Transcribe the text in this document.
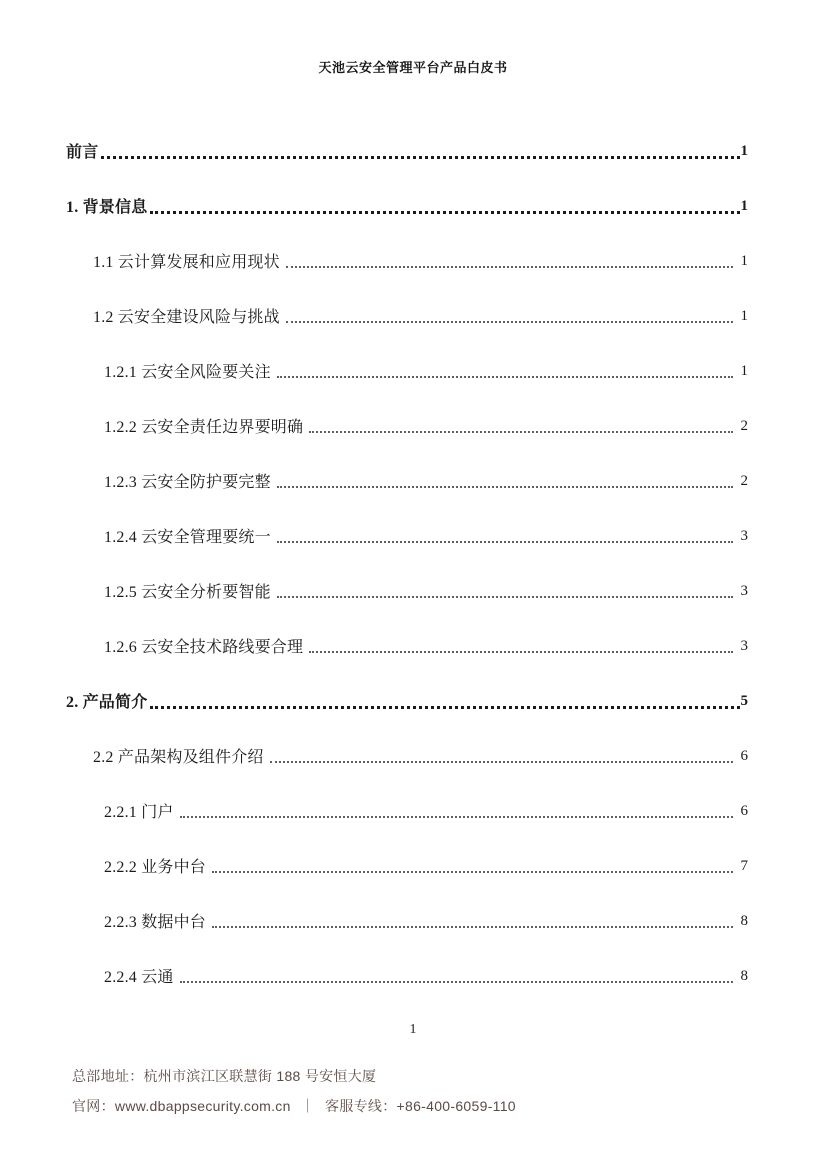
天池云安全管理平台产品白皮书
前言	1
1. 背景信息	1
1.1 云计算发展和应用现状	1
1.2 云安全建设风险与挑战	1
1.2.1 云安全风险要关注	1
1.2.2 云安全责任边界要明确	2
1.2.3 云安全防护要完整	2
1.2.4 云安全管理要统一	3
1.2.5 云安全分析要智能	3
1.2.6 云安全技术路线要合理	3
2. 产品简介	5
2.2 产品架构及组件介绍	6
2.2.1 门户	6
2.2.2 业务中台	7
2.2.3 数据中台	8
2.2.4 云通	8
1
总部地址：杭州市滨江区联慧街 188 号安恒大厦
官网：www.dbappsecurity.com.cn ｜ 客服专线：+86-400-6059-110
